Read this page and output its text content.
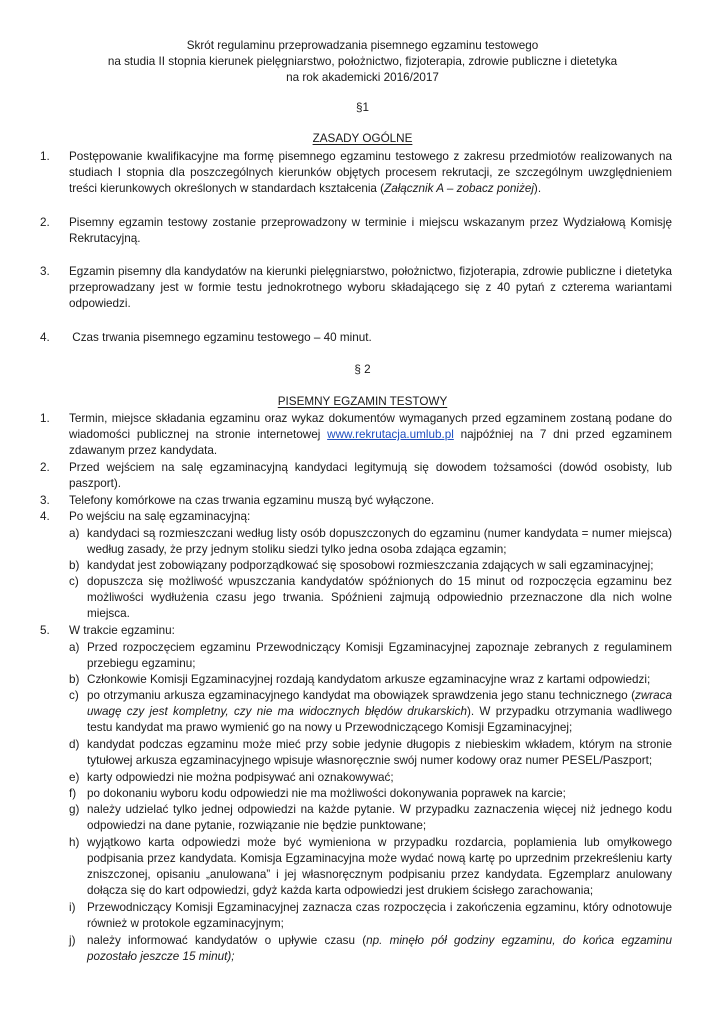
Skrót regulaminu przeprowadzania pisemnego egzaminu testowego
na studia II stopnia kierunek pielęgniarstwo, położnictwo, fizjoterapia, zdrowie publiczne i dietetyka
na rok akademicki 2016/2017
§1
ZASADY OGÓLNE
1.	Postępowanie kwalifikacyjne ma formę pisemnego egzaminu testowego z zakresu przedmiotów realizowanych na studiach I stopnia dla poszczególnych kierunków objętych procesem rekrutacji, ze szczególnym uwzględnieniem treści kierunkowych określonych w standardach kształcenia (Załącznik A – zobacz poniżej).
2.	Pisemny egzamin testowy zostanie przeprowadzony w terminie i miejscu wskazanym przez Wydziałową Komisję Rekrutacyjną.
3.	Egzamin pisemny dla kandydatów na kierunki pielęgniarstwo, położnictwo, fizjoterapia, zdrowie publiczne i dietetyka przeprowadzany jest w formie testu jednokrotnego wyboru składającego się z 40 pytań z czterema wariantami odpowiedzi.
4.	Czas trwania pisemnego egzaminu testowego – 40 minut.
§ 2
PISEMNY EGZAMIN TESTOWY
1.	Termin, miejsce składania egzaminu oraz wykaz dokumentów wymaganych przed egzaminem zostaną podane do wiadomości publicznej na stronie internetowej www.rekrutacja.umlub.pl najpóźniej na 7 dni przed egzaminem zdawanym przez kandydata.
2.	Przed wejściem na salę egzaminacyjną kandydaci legitymują się dowodem tożsamości (dowód osobisty, lub paszport).
3.	Telefony komórkowe na czas trwania egzaminu muszą być wyłączone.
4.	Po wejściu na salę egzaminacyjną:
a) kandydaci są rozmieszczani według listy osób dopuszczonych do egzaminu (numer kandydata = numer miejsca) według zasady, że przy jednym stoliku siedzi tylko jedna osoba zdająca egzamin;
b) kandydat jest zobowiązany podporządkować się sposobowi rozmieszczania zdających w sali egzaminacyjnej;
c) dopuszcza się możliwość wpuszczania kandydatów spóźnionych do 15 minut od rozpoczęcia egzaminu bez możliwości wydłużenia czasu jego trwania. Spóźnieni zajmują odpowiednio przeznaczone dla nich wolne miejsca.
5.	W trakcie egzaminu:
a) Przed rozpoczęciem egzaminu Przewodniczący Komisji Egzaminacyjnej zapoznaje zebranych z regulaminem przebiegu egzaminu;
b) Członkowie Komisji Egzaminacyjnej rozdają kandydatom arkusze egzaminacyjne wraz z kartami odpowiedzi;
c) po otrzymaniu arkusza egzaminacyjnego kandydat ma obowiązek sprawdzenia jego stanu technicznego (zwraca uwagę czy jest kompletny, czy nie ma widocznych błędów drukarskich). W przypadku otrzymania wadliwego testu kandydat ma prawo wymienić go na nowy u Przewodniczącego Komisji Egzaminacyjnej;
d) kandydat podczas egzaminu może mieć przy sobie jedynie długopis z niebieskim wkładem, którym na stronie tytułowej arkusza egzaminacyjnego wpisuje własnoręcznie swój numer kodowy oraz numer PESEL/Paszport;
e) karty odpowiedzi nie można podpisywać ani oznakowywać;
f) po dokonaniu wyboru kodu odpowiedzi nie ma możliwości dokonywania poprawek na karcie;
g) należy udzielać tylko jednej odpowiedzi na każde pytanie. W przypadku zaznaczenia więcej niż jednego kodu odpowiedzi na dane pytanie, rozwiązanie nie będzie punktowane;
h) wyjątkowo karta odpowiedzi może być wymieniona w przypadku rozdarcia, poplamienia lub omyłkowego podpisania przez kandydata. Komisja Egzaminacyjna może wydać nową kartę po uprzednim przekreśleniu karty zniszczonej, opisaniu „anulowana” i jej własnoręcznym podpisaniu przez kandydata. Egzemplarz anulowany dołącza się do kart odpowiedzi, gdyż każda karta odpowiedzi jest drukiem ścisłego zarachowania;
i) Przewodniczący Komisji Egzaminacyjnej zaznacza czas rozpoczęcia i zakończenia egzaminu, który odnotowuje również w protokole egzaminacyjnym;
j) należy informować kandydatów o upływie czasu (np. minęło pół godziny egzaminu, do końca egzaminu pozostało jeszcze 15 minut);
